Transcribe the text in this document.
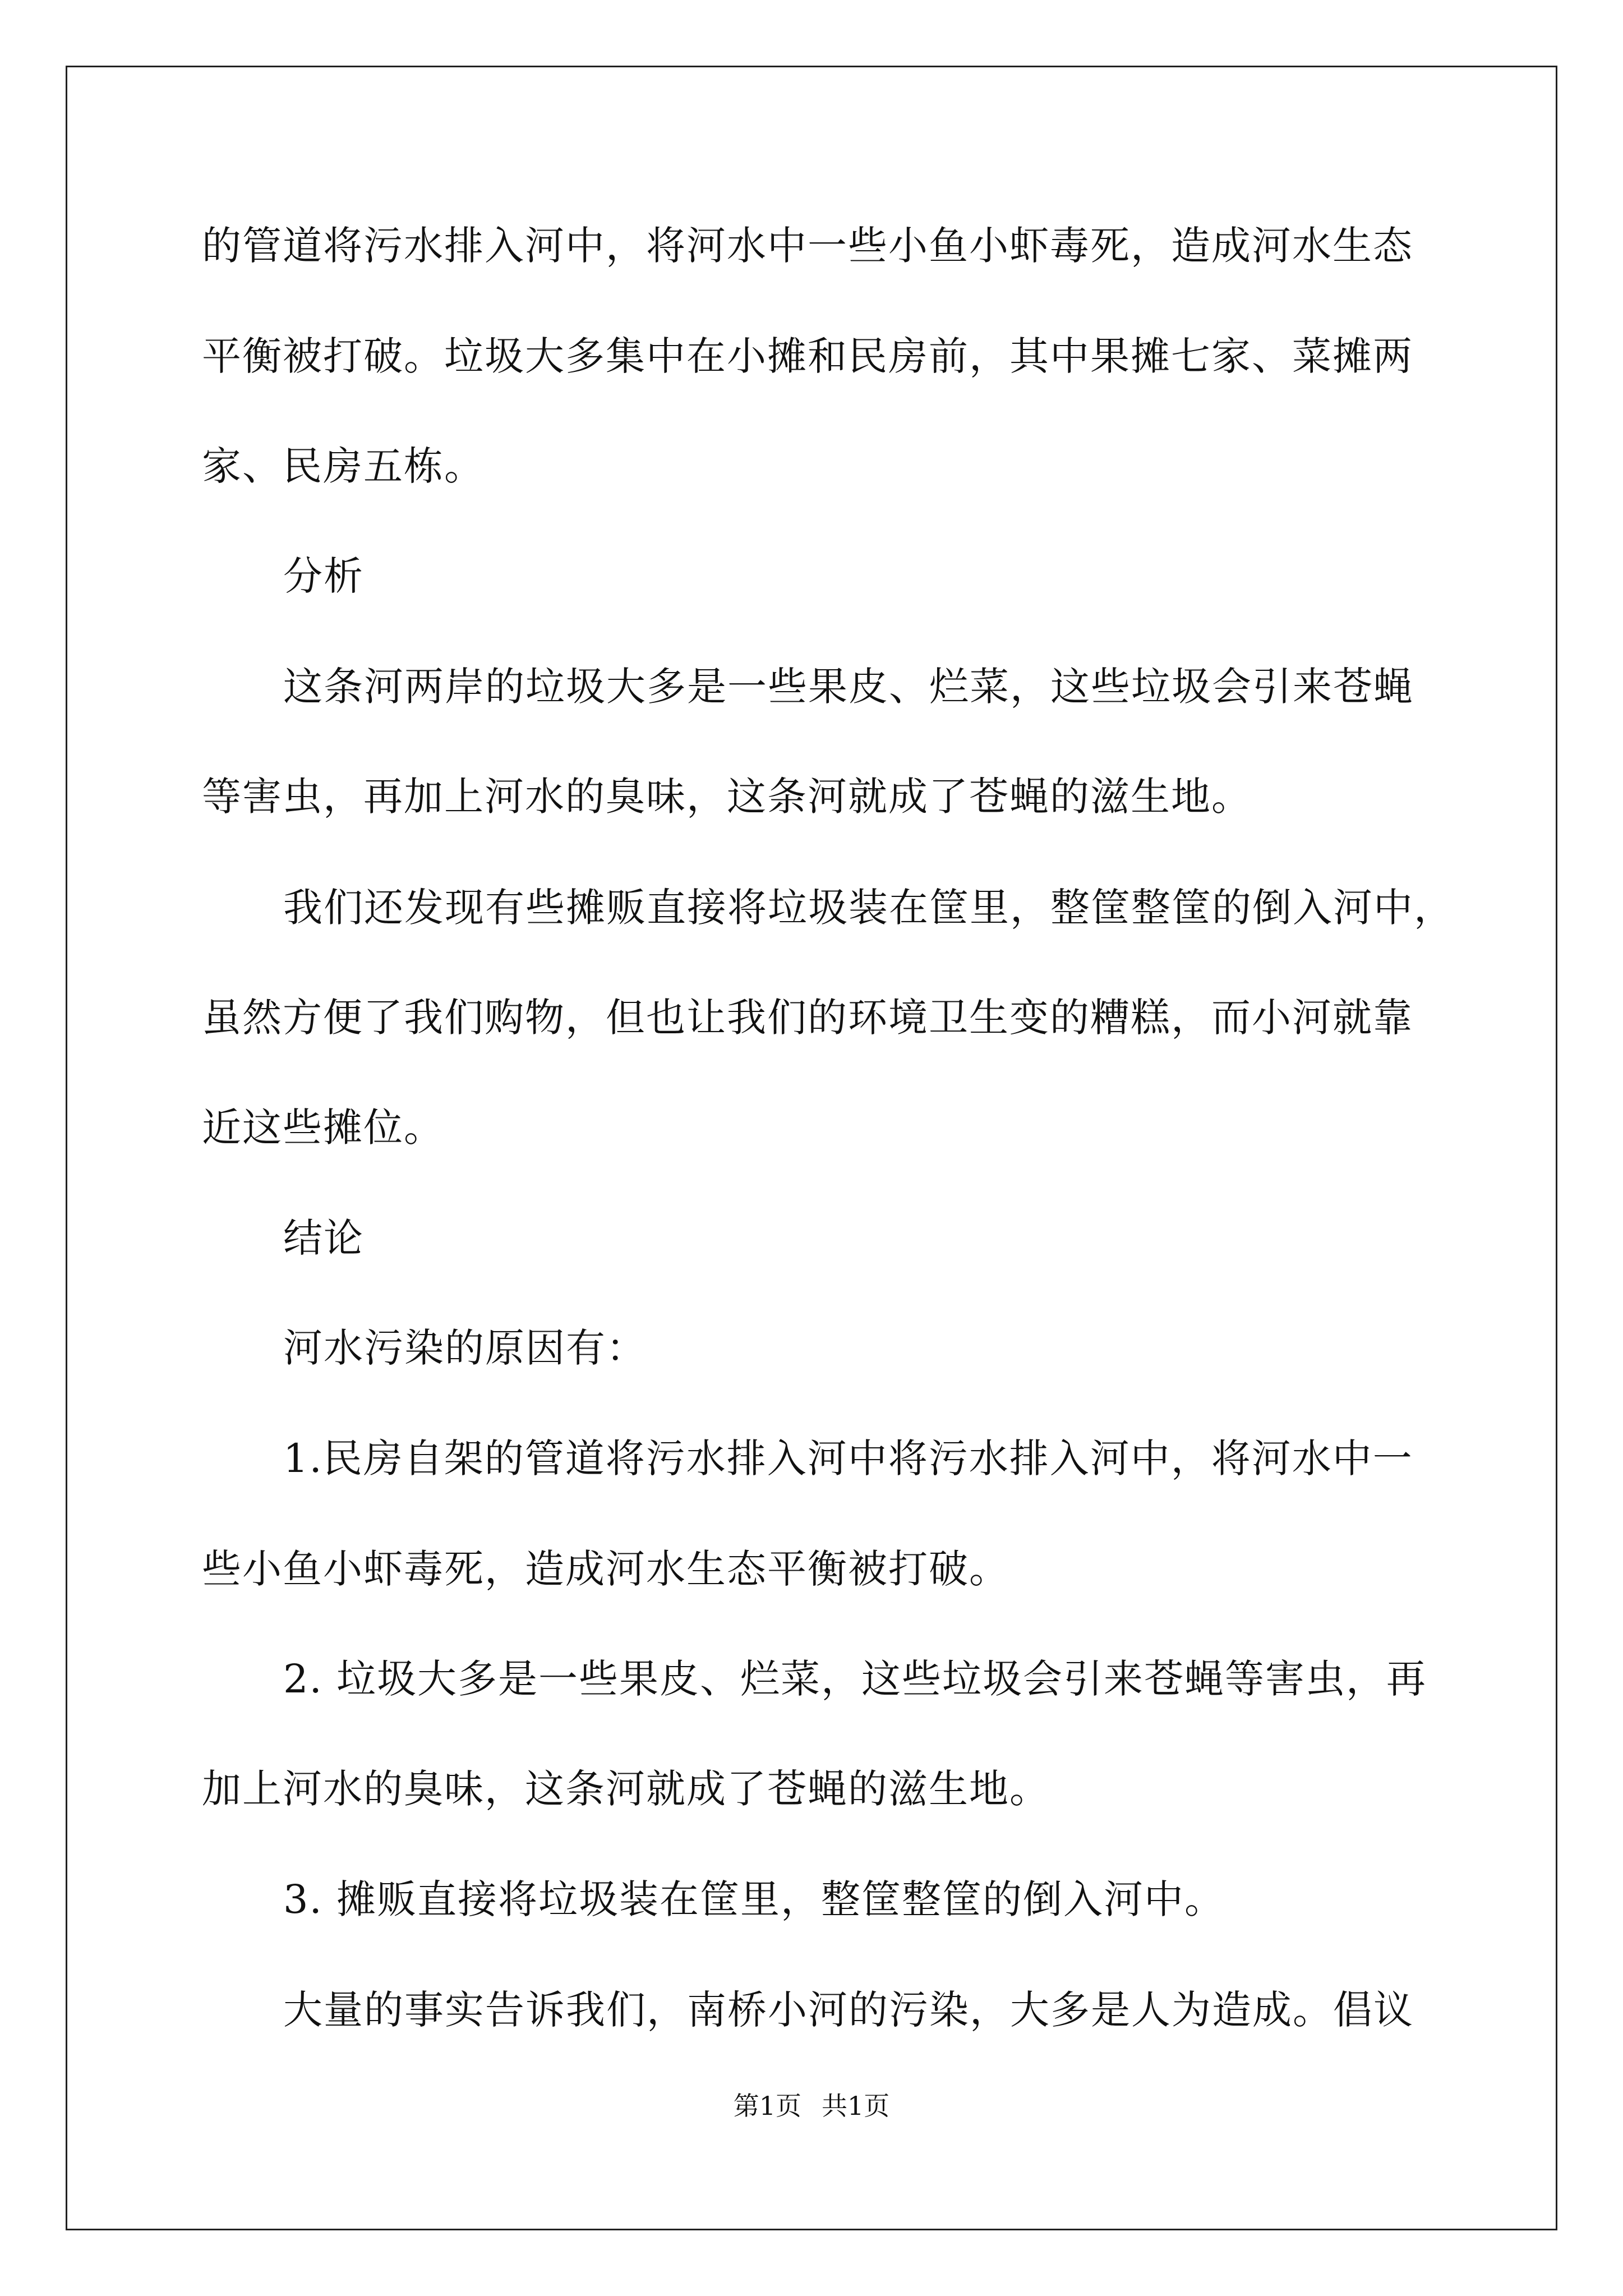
的管道将污水排入河中，将河水中一些小鱼小虾毒死，造成河水生态
平衡被打破。垃圾大多集中在小摊和民房前，其中果摊七家、菜摊两
家、民房五栋。
分析
这条河两岸的垃圾大多是一些果皮、烂菜，这些垃圾会引来苍蝇
等害虫，再加上河水的臭味，这条河就成了苍蝇的滋生地。
我们还发现有些摊贩直接将垃圾装在筐里，整筐整筐的倒入河中，
虽然方便了我们购物，但也让我们的环境卫生变的糟糕，而小河就靠
近这些摊位。
结论
河水污染的原因有：
1.民房自架的管道将污水排入河中将污水排入河中，将河水中一
些小鱼小虾毒死，造成河水生态平衡被打破。
2. 垃圾大多是一些果皮、烂菜，这些垃圾会引来苍蝇等害虫，再
加上河水的臭味，这条河就成了苍蝇的滋生地。
3. 摊贩直接将垃圾装在筐里，整筐整筐的倒入河中。
大量的事实告诉我们，南桥小河的污染，大多是人为造成。倡议
第1页 共1页
